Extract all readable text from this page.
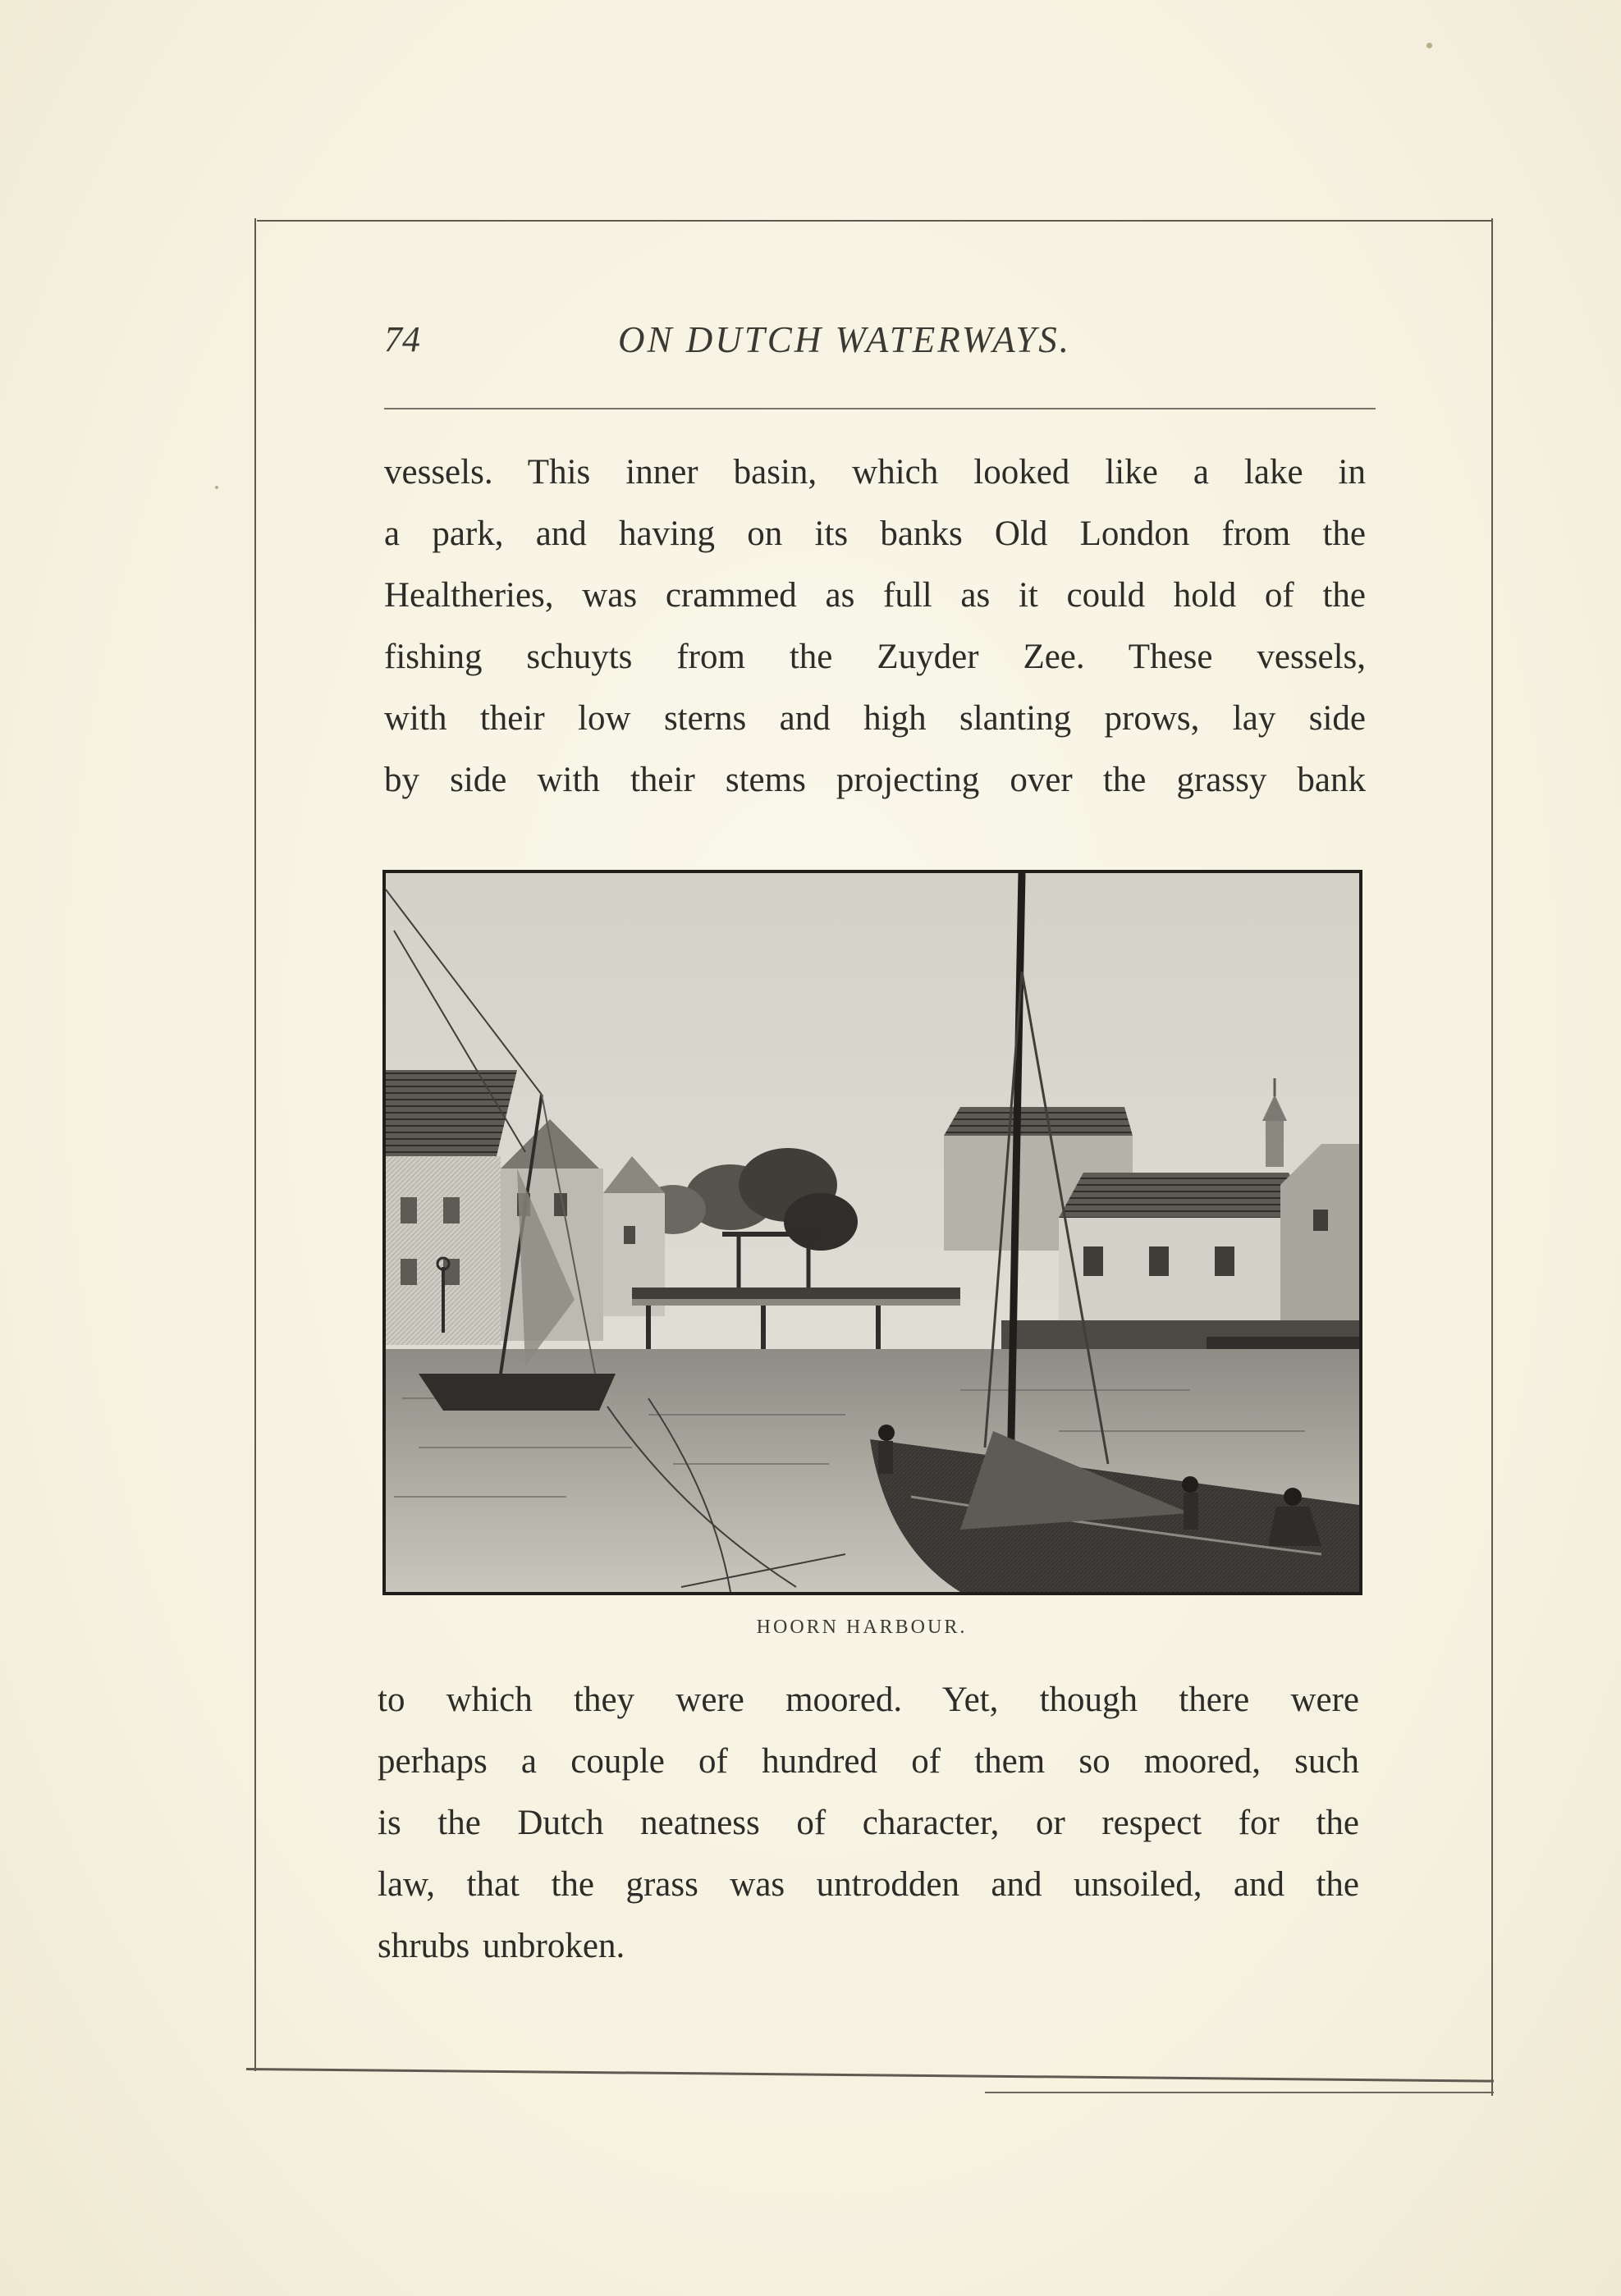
74	ON DUTCH WATERWAYS.
vessels. This inner basin, which looked like a lake in
a park, and having on its banks Old London from the
Healtheries, was crammed as full as it could hold of the
fishing schuyts from the Zuyder Zee. These vessels,
with their low sterns and high slanting prows, lay side
by side with their stems projecting over the grassy bank
HOORN HARBOUR.
to which they were moored. Yet, though there were
perhaps a couple of hundred of them so moored, such
is the Dutch neatness of character, or respect for the
law, that the grass was untrodden and unsoiled, and the
shrubs unbroken.
